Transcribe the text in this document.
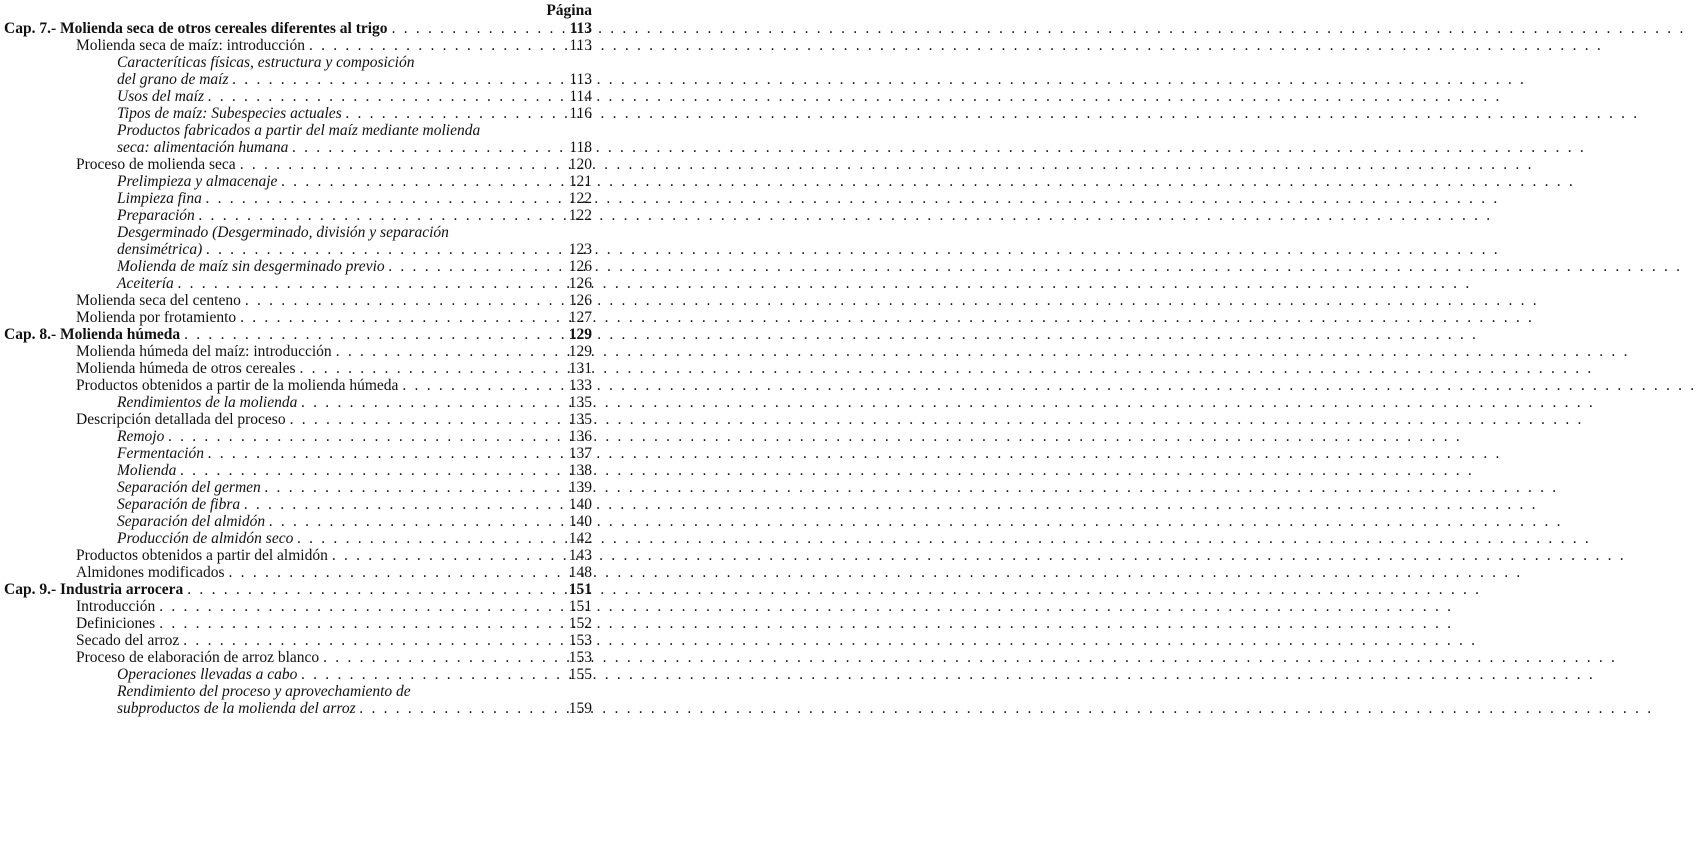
Página
Cap. 7.- Molienda seca de otros cereales diferentes al trigo . . .	113
Molienda seca de maíz: introducción . . .	113
Caracteríticas físicas, estructura y composición
del grano de maíz . . .	113
Usos del maíz . . .	114
Tipos de maíz: Subespecies actuales . . .	116
Productos fabricados a partir del maíz mediante molienda
seca: alimentación humana . . .	118
Proceso de molienda seca . . .	120
Prelimpieza y almacenaje . . .	121
Limpieza fina . . .	122
Preparación . . .	122
Desgerminado (Desgerminado, división y separación
densimétrica) . . .	123
Molienda de maíz sin desgerminado previo . . .	126
Aceitería . . .	126
Molienda seca del centeno . . .	126
Molienda por frotamiento . . .	127
Cap. 8.- Molienda húmeda . . .	129
Molienda húmeda del maíz: introducción . . .	129
Molienda húmeda de otros cereales . . .	131
Productos obtenidos a partir de la molienda húmeda . . .	133
Rendimientos de la molienda . . .	135
Descripción detallada del proceso . . .	135
Remojo . . .	136
Fermentación . . .	137
Molienda . . .	138
Separación del germen . . .	139
Separación de fibra . . .	140
Separación del almidón . . .	140
Producción de almidón seco . . .	142
Productos obtenidos a partir del almidón . . .	143
Almidones modificados . . .	148
Cap. 9.- Industria arrocera . . .	151
Introducción . . .	151
Definiciones . . .	152
Secado del arroz . . .	153
Proceso de elaboración de arroz blanco . . .	153
Operaciones llevadas a cabo . . .	155
Rendimiento del proceso y aprovechamiento de
subproductos de la molienda del arroz . . .	159
